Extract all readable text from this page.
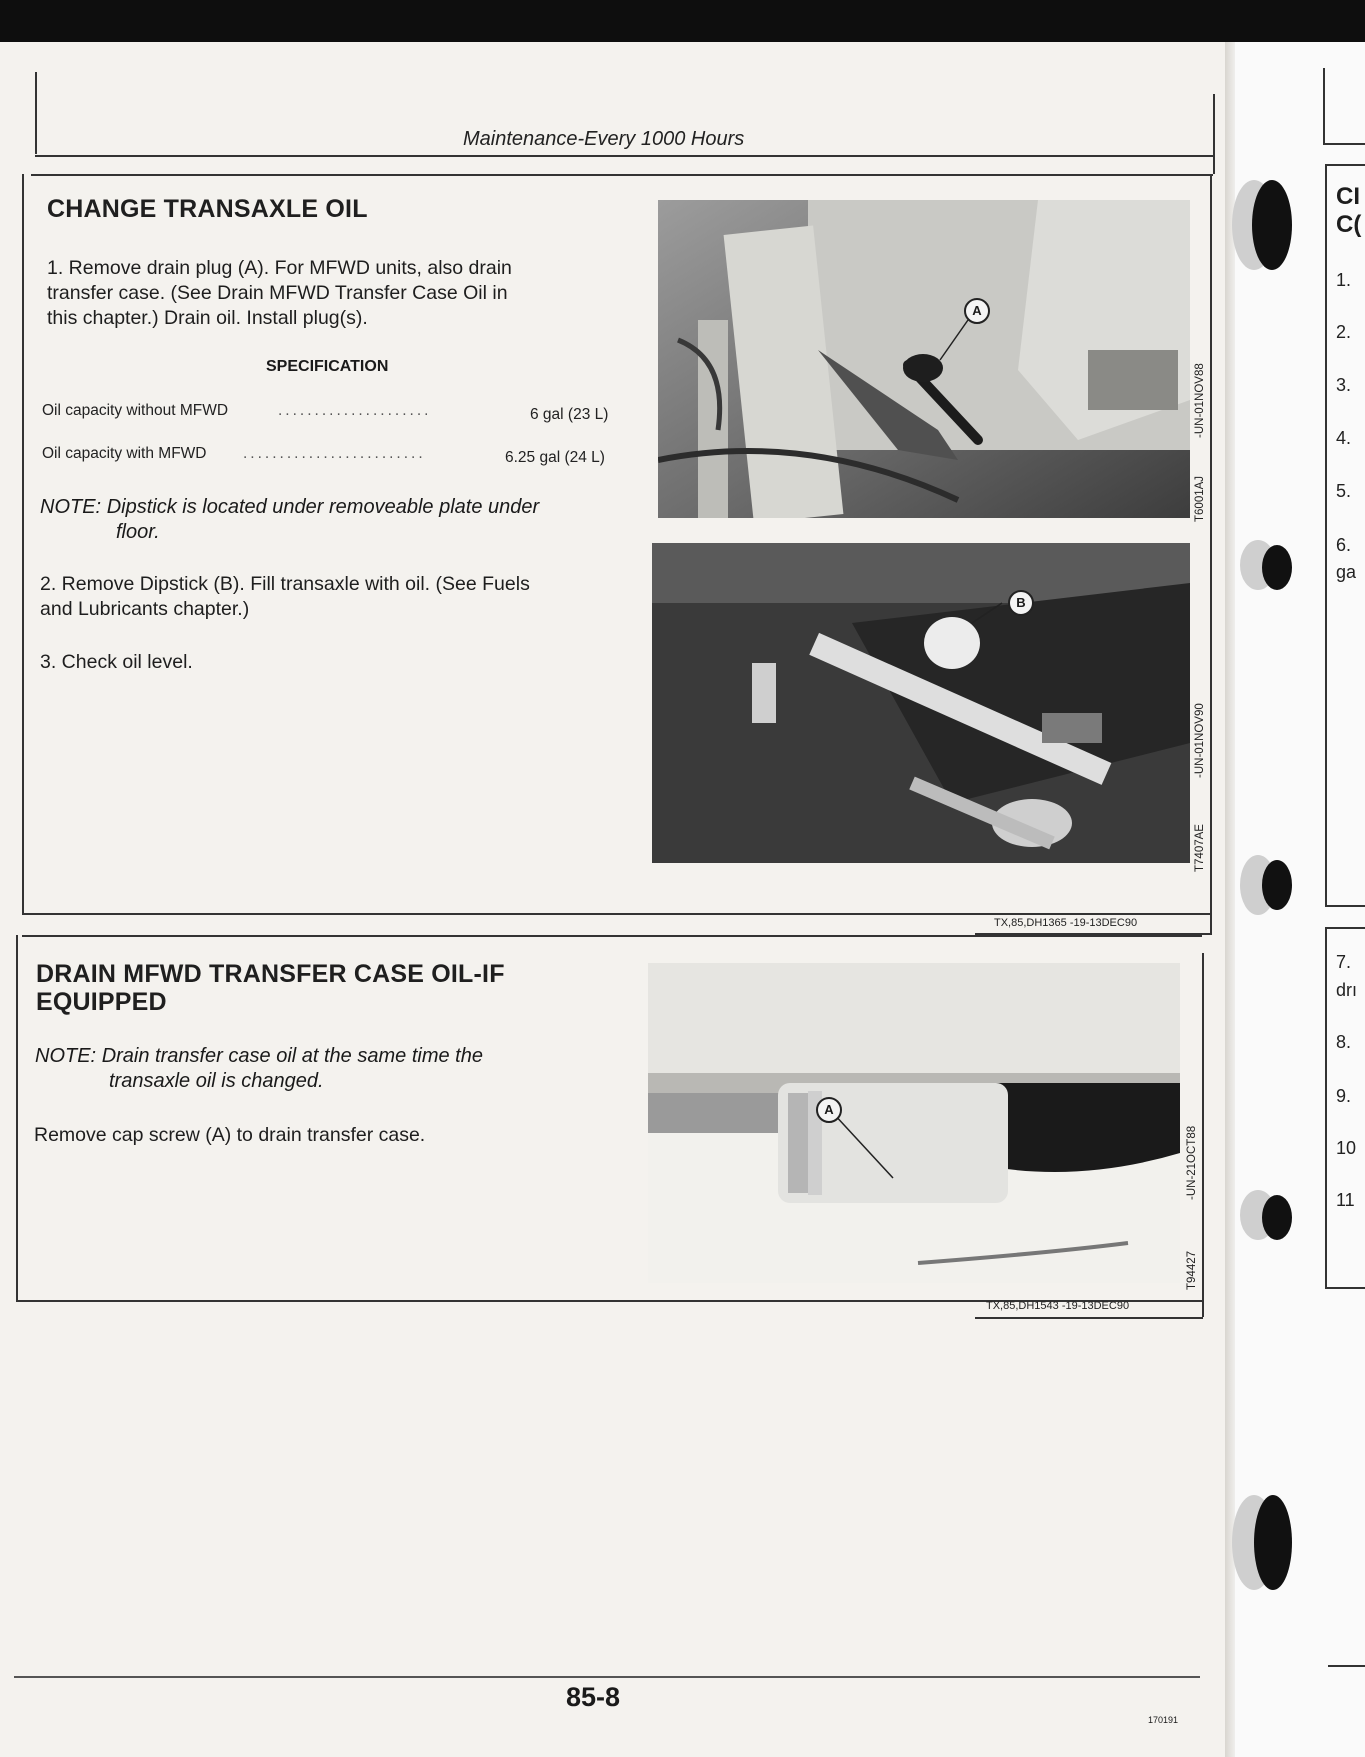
Maintenance-Every 1000 Hours
CHANGE TRANSAXLE OIL
1. Remove drain plug (A). For MFWD units, also drain
transfer case. (See Drain MFWD Transfer Case Oil in
this chapter.) Drain oil. Install plug(s).
SPECIFICATION
Oil capacity without MFWD	.....................	6 gal (23 L)
Oil capacity with MFWD .........................	6.25 gal (24 L)
NOTE: Dipstick is located under removeable plate under
floor.
2. Remove Dipstick (B). Fill transaxle with oil. (See Fuels
and Lubricants chapter.)
3. Check oil level.
A
-UN-01NOV88
T6001AJ
B
-UN-01NOV90
T7407AE
TX,85,DH1365 -19-13DEC90
DRAIN MFWD TRANSFER CASE OIL-IF
EQUIPPED
NOTE: Drain transfer case oil at the same time the
transaxle oil is changed.
Remove cap screw (A) to drain transfer case.
A
-UN-21OCT88
T94427
TX,85,DH1543 -19-13DEC90
85-8
170191
CI
C(
1.
2.
3.
4.
5.
6.
ga
7.
drı
8.
9.
10
11
